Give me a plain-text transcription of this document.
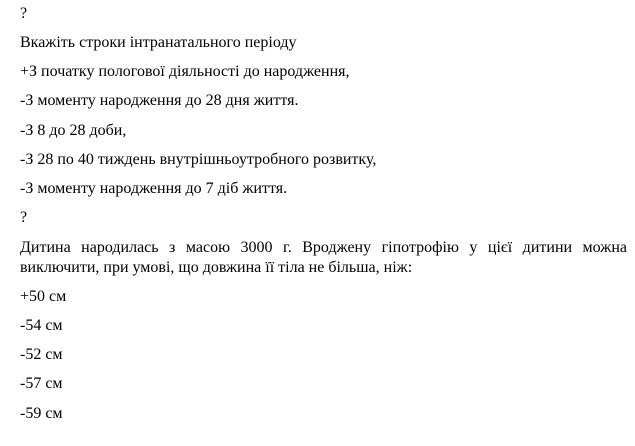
?

Вкажіть строки інтранатального періоду

+З початку пологової діяльності до народження,

-З моменту народження до 28 дня життя.

-З 8 до 28 доби,

-З 28 по 40 тиждень внутрішньоутробного розвитку,

-З моменту народження до 7 діб життя.

?

Дитина народилась з масою 3000 г. Вроджену гіпотрофію у цієї дитини можна виключити, при умові, що довжина її тіла не більша, ніж:

+50 см

-54 см

-52 см

-57 см

-59 см
